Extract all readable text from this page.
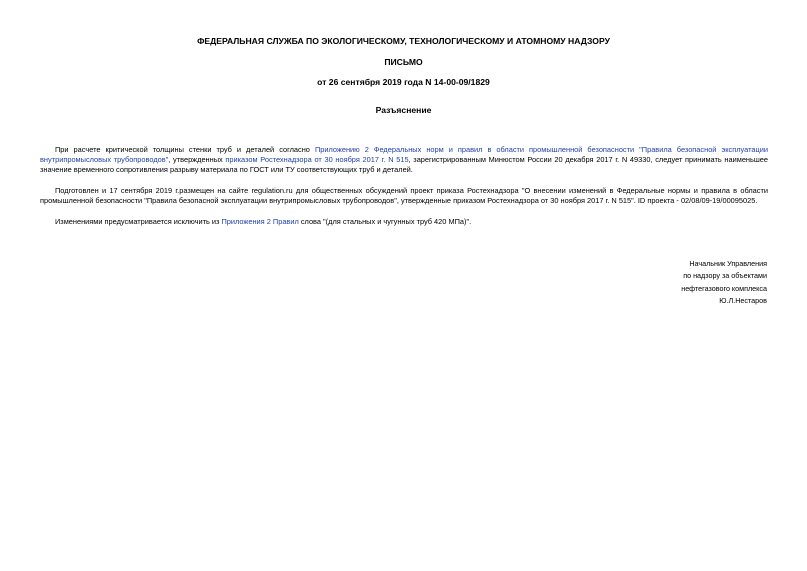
ФЕДЕРАЛЬНАЯ СЛУЖБА ПО ЭКОЛОГИЧЕСКОМУ, ТЕХНОЛОГИЧЕСКОМУ И АТОМНОМУ НАДЗОРУ
ПИСЬМО
от 26 сентября 2019 года N 14-00-09/1829
Разъяснение
При расчете критической толщины стенки труб и деталей согласно Приложению 2 Федеральных норм и правил в области промышленной безопасности "Правила безопасной эксплуатации внутрипромысловых трубопроводов", утвержденных приказом Ростехнадзора от 30 ноября 2017 г. N 515, зарегистрированным Минюстом России 20 декабря 2017 г. N 49330, следует принимать наименьшее значение временного сопротивления разрыву материала по ГОСТ или ТУ соответствующих труб и деталей.
Подготовлен и 17 сентября 2019 г.размещен на сайте regulation.ru для общественных обсуждений проект приказа Ростехнадзора "О внесении изменений в Федеральные нормы и правила в области промышленной безопасности "Правила безопасной эксплуатации внутрипромысловых трубопроводов", утвержденные приказом Ростехнадзора от 30 ноября 2017 г. N 515". ID проекта - 02/08/09-19/00095025.
Изменениями предусматривается исключить из Приложения 2 Правил слова "(для стальных и чугунных труб 420 МПа)".
Начальник Управления
по надзору за объектами
нефтегазового комплекса
Ю.Л.Нестаров
